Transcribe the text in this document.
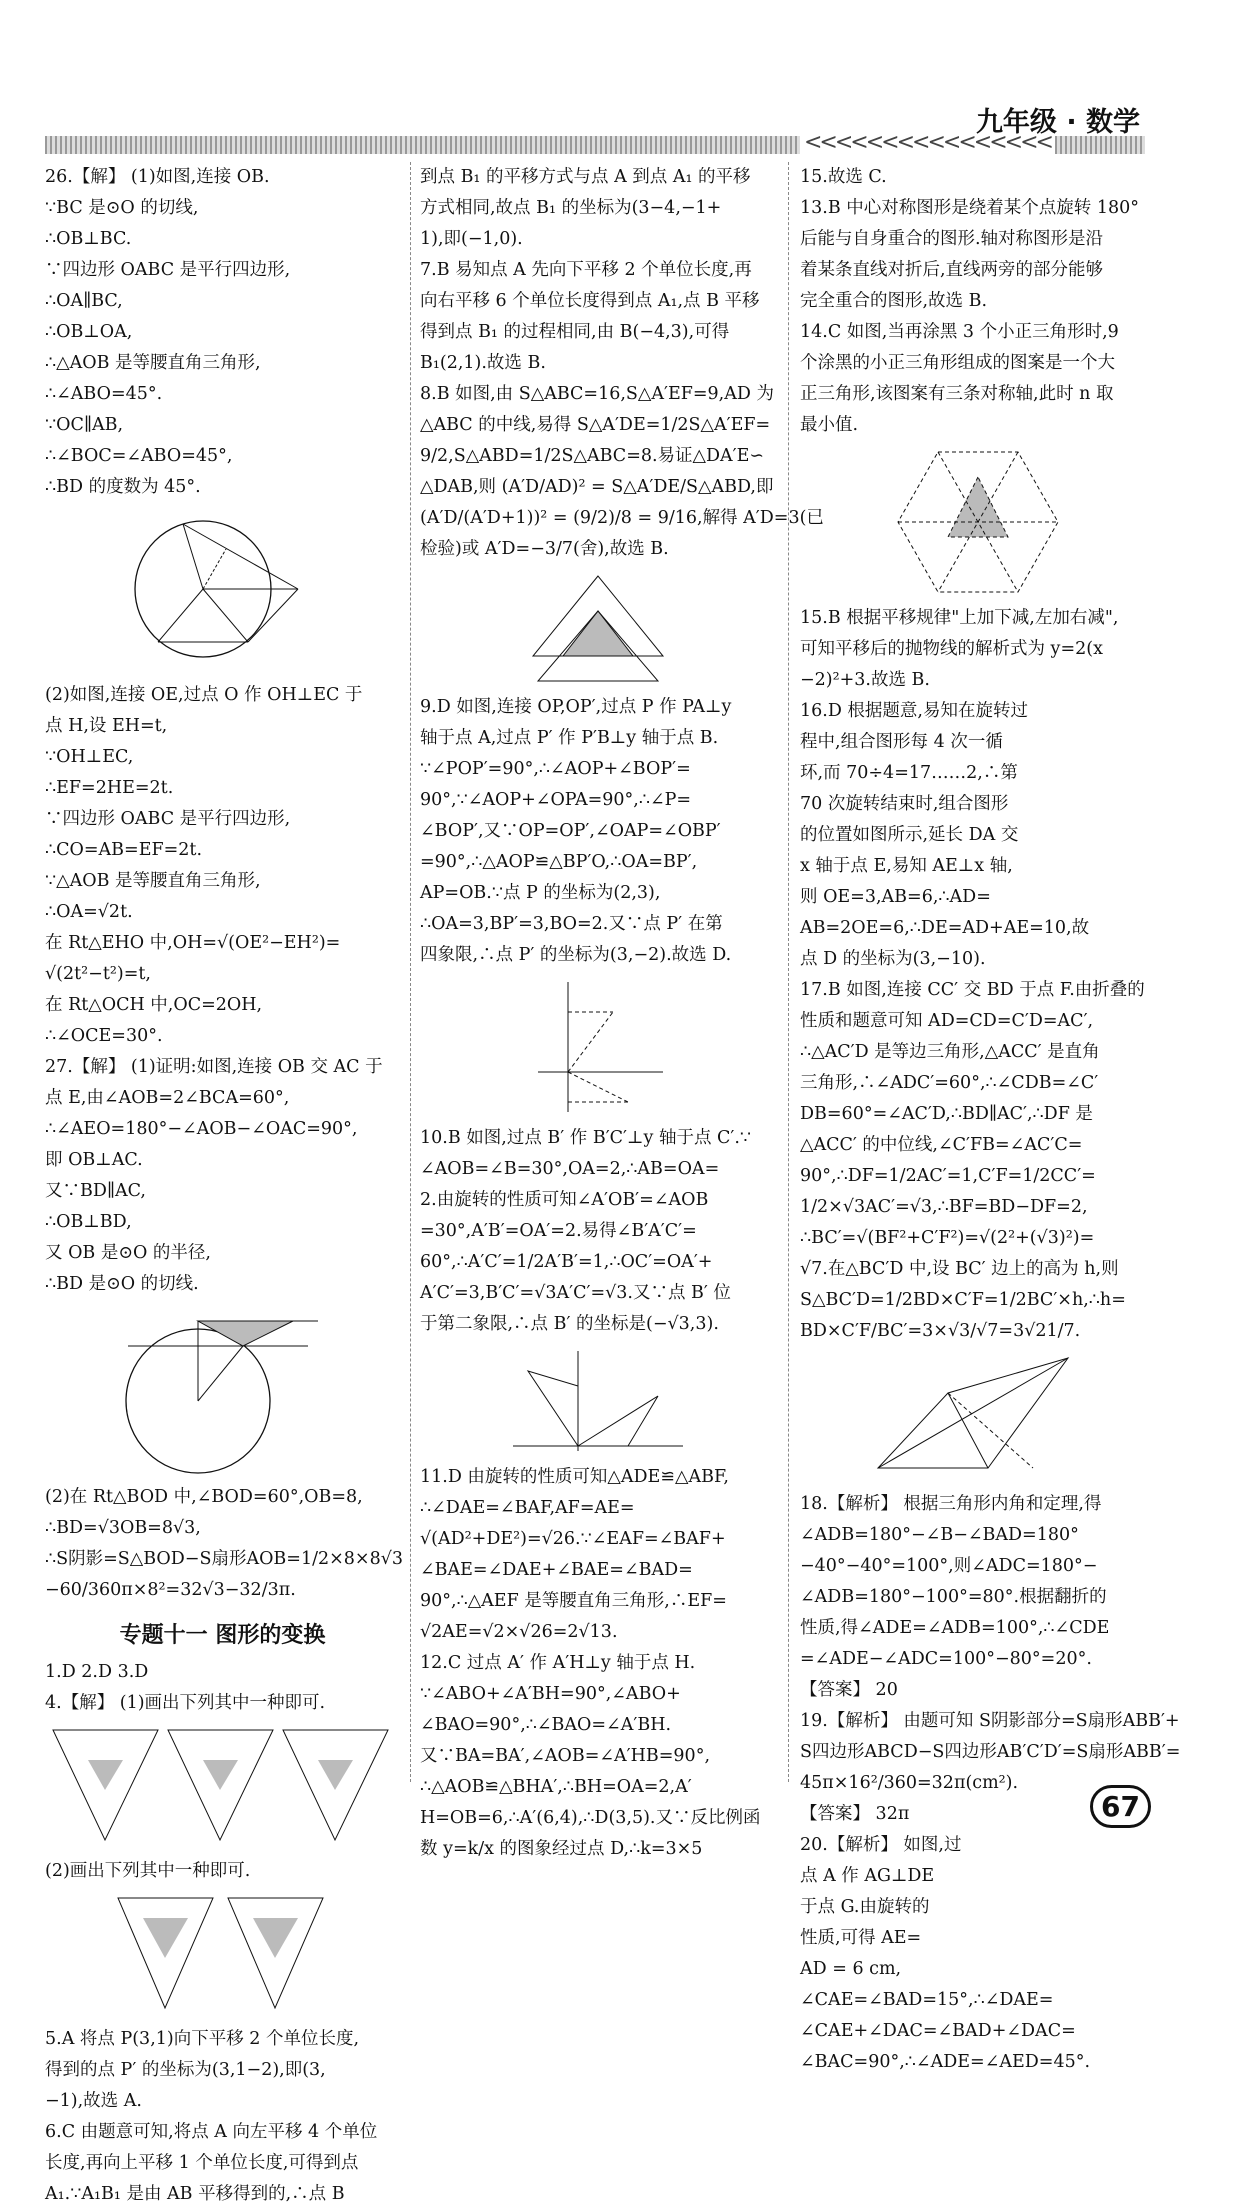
<<<<<<<<<<<<<<<<
九年级 · 数学

26.【解】 (1)如图,连接 OB.

∵BC 是⊙O 的切线,

∴OB⊥BC.

∵四边形 OABC 是平行四边形,

∴OA∥BC,

∴OB⊥OA,

∴△AOB 是等腰直角三角形,

∴∠ABO=45°.

∵OC∥AB,

∴∠BOC=∠ABO=45°,

∴BD 的度数为 45°.

(2)如图,连接 OE,过点 O 作 OH⊥EC 于

点 H,设 EH=t,

∵OH⊥EC,

∴EF=2HE=2t.

∵四边形 OABC 是平行四边形,

∴CO=AB=EF=2t.

∵△AOB 是等腰直角三角形,

∴OA=√2t.

在 Rt△EHO 中,OH=√(OE²−EH²)=

√(2t²−t²)=t,

在 Rt△OCH 中,OC=2OH,

∴∠OCE=30°.

27.【解】 (1)证明:如图,连接 OB 交 AC 于

点 E,由∠AOB=2∠BCA=60°,

∴∠AEO=180°−∠AOB−∠OAC=90°,

即 OB⊥AC.

又∵BD∥AC,

∴OB⊥BD,

又 OB 是⊙O 的半径,

∴BD 是⊙O 的切线.

(2)在 Rt△BOD 中,∠BOD=60°,OB=8,

∴BD=√3OB=8√3,

∴S阴影=S△BOD−S扇形AOB=1/2×8×8√3

−60/360π×8²=32√3−32/3π.

专题十一 图形的变换

1.D 2.D 3.D

4.【解】 (1)画出下列其中一种即可.

(2)画出下列其中一种即可.

5.A 将点 P(3,1)向下平移 2 个单位长度,

得到的点 P′ 的坐标为(3,1−2),即(3,

−1),故选 A.

6.C 由题意可知,将点 A 向左平移 4 个单位

长度,再向上平移 1 个单位长度,可得到点

A₁.∵A₁B₁ 是由 AB 平移得到的,∴点 B

到点 B₁ 的平移方式与点 A 到点 A₁ 的平移

方式相同,故点 B₁ 的坐标为(3−4,−1+

1),即(−1,0).

7.B 易知点 A 先向下平移 2 个单位长度,再

向右平移 6 个单位长度得到点 A₁,点 B 平移

得到点 B₁ 的过程相同,由 B(−4,3),可得

B₁(2,1).故选 B.

8.B 如图,由 S△ABC=16,S△A′EF=9,AD 为

△ABC 的中线,易得 S△A′DE=1/2S△A′EF=

9/2,S△ABD=1/2S△ABC=8.易证△DA′E∽

△DAB,则 (A′D/AD)² = S△A′DE/S△ABD,即

(A′D/(A′D+1))² = (9/2)/8 = 9/16,解得 A′D=3(已

检验)或 A′D=−3/7(舍),故选 B.

9.D 如图,连接 OP,OP′,过点 P 作 PA⊥y

轴于点 A,过点 P′ 作 P′B⊥y 轴于点 B.

∵∠POP′=90°,∴∠AOP+∠BOP′=

90°,∵∠AOP+∠OPA=90°,∴∠P=

∠BOP′,又∵OP=OP′,∠OAP=∠OBP′

=90°,∴△AOP≌△BP′O,∴OA=BP′,

AP=OB.∵点 P 的坐标为(2,3),

∴OA=3,BP′=3,BO=2.又∵点 P′ 在第

四象限,∴点 P′ 的坐标为(3,−2).故选 D.

10.B 如图,过点 B′ 作 B′C′⊥y 轴于点 C′.∵

∠AOB=∠B=30°,OA=2,∴AB=OA=

2.由旋转的性质可知∠A′OB′=∠AOB

=30°,A′B′=OA′=2.易得∠B′A′C′=

60°,∴A′C′=1/2A′B′=1,∴OC′=OA′+

A′C′=3,B′C′=√3A′C′=√3.又∵点 B′ 位

于第二象限,∴点 B′ 的坐标是(−√3,3).

11.D 由旋转的性质可知△ADE≌△ABF,

∴∠DAE=∠BAF,AF=AE=

√(AD²+DE²)=√26.∵∠EAF=∠BAF+

∠BAE=∠DAE+∠BAE=∠BAD=

90°,∴△AEF 是等腰直角三角形,∴EF=

√2AE=√2×√26=2√13.

12.C 过点 A′ 作 A′H⊥y 轴于点 H.

∵∠ABO+∠A′BH=90°,∠ABO+

∠BAO=90°,∴∠BAO=∠A′BH.

又∵BA=BA′,∠AOB=∠A′HB=90°,

∴△AOB≌△BHA′,∴BH=OA=2,A′

H=OB=6,∴A′(6,4),∴D(3,5).又∵反比例函

数 y=k/x 的图象经过点 D,∴k=3×5

15.故选 C.

13.B 中心对称图形是绕着某个点旋转 180°

后能与自身重合的图形.轴对称图形是沿

着某条直线对折后,直线两旁的部分能够

完全重合的图形,故选 B.

14.C 如图,当再涂黑 3 个小正三角形时,9

个涂黑的小正三角形组成的图案是一个大

正三角形,该图案有三条对称轴,此时 n 取

最小值.

15.B 根据平移规律"上加下减,左加右减",

可知平移后的抛物线的解析式为 y=2(x

−2)²+3.故选 B.

16.D 根据题意,易知在旋转过

程中,组合图形每 4 次一循

环,而 70÷4=17……2,∴第

70 次旋转结束时,组合图形

的位置如图所示,延长 DA 交

x 轴于点 E,易知 AE⊥x 轴,

则 OE=3,AB=6,∴AD=

AB=2OE=6,∴DE=AD+AE=10,故

点 D 的坐标为(3,−10).

17.B 如图,连接 CC′ 交 BD 于点 F.由折叠的

性质和题意可知 AD=CD=C′D=AC′,

∴△AC′D 是等边三角形,△ACC′ 是直角

三角形,∴∠ADC′=60°,∴∠CDB=∠C′

DB=60°=∠AC′D,∴BD∥AC′,∴DF 是

△ACC′ 的中位线,∠C′FB=∠AC′C=

90°,∴DF=1/2AC′=1,C′F=1/2CC′=

1/2×√3AC′=√3,∴BF=BD−DF=2,

∴BC′=√(BF²+C′F²)=√(2²+(√3)²)=

√7.在△BC′D 中,设 BC′ 边上的高为 h,则

S△BC′D=1/2BD×C′F=1/2BC′×h,∴h=

BD×C′F/BC′=3×√3/√7=3√21/7.

18.【解析】 根据三角形内角和定理,得

∠ADB=180°−∠B−∠BAD=180°

−40°−40°=100°,则∠ADC=180°−

∠ADB=180°−100°=80°.根据翻折的

性质,得∠ADE=∠ADB=100°,∴∠CDE

=∠ADE−∠ADC=100°−80°=20°.

【答案】 20

19.【解析】 由题可知 S阴影部分=S扇形ABB′+

S四边形ABCD−S四边形AB′C′D′=S扇形ABB′=

45π×16²/360=32π(cm²).

【答案】 32π

20.【解析】 如图,过

点 A 作 AG⊥DE

于点 G.由旋转的

性质,可得 AE=

AD = 6 cm,

∠CAE=∠BAD=15°,∴∠DAE=

∠CAE+∠DAC=∠BAD+∠DAC=

∠BAC=90°,∴∠ADE=∠AED=45°.

67
